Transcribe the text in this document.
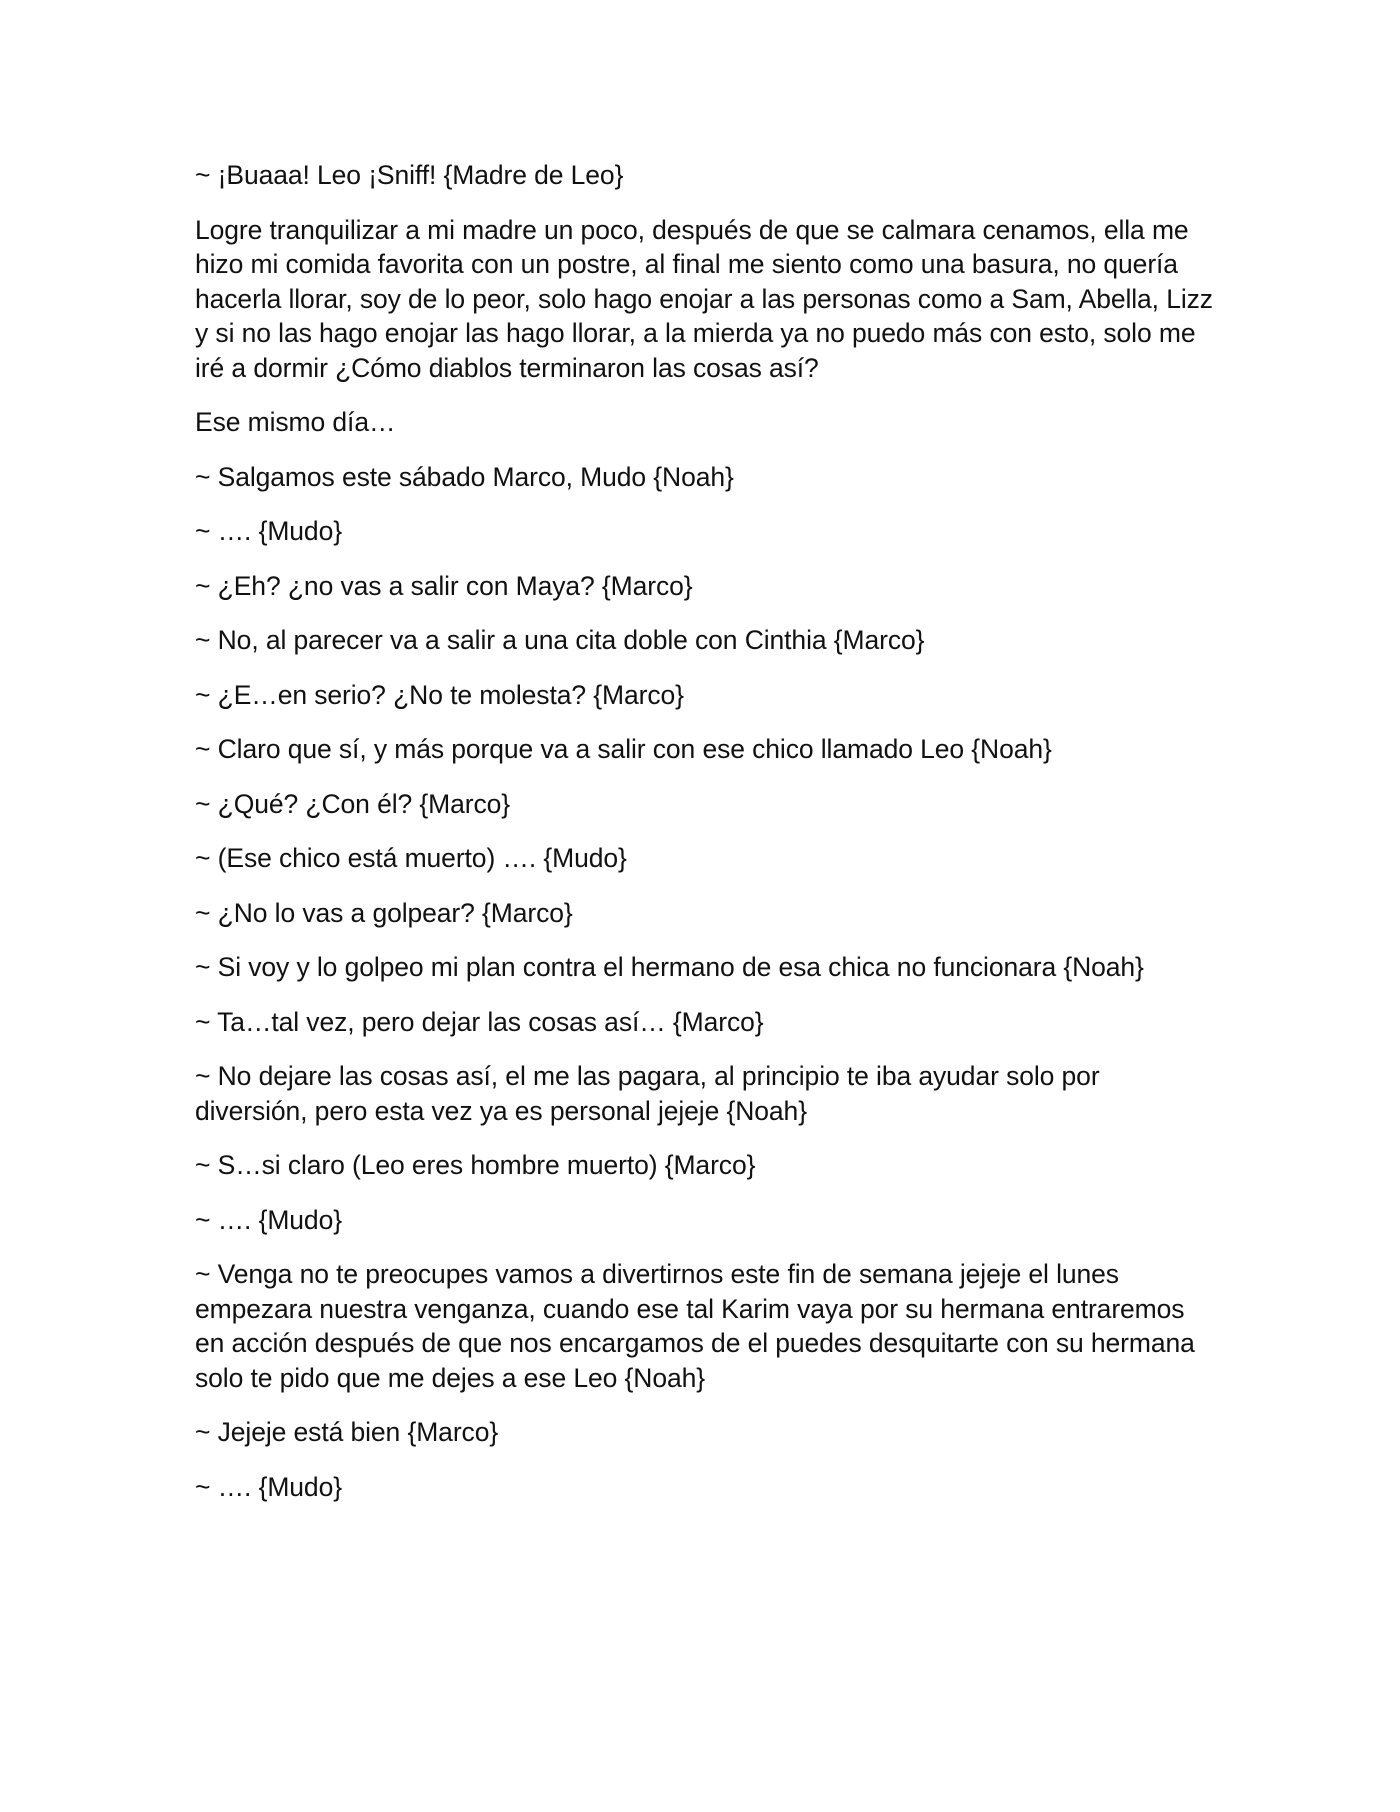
~ ¡Buaaa! Leo ¡Sniff! {Madre de Leo}

Logre tranquilizar a mi madre un poco, después de que se calmara cenamos, ella me hizo mi comida favorita con un postre, al final me siento como una basura, no quería hacerla llorar, soy de lo peor, solo hago enojar a las personas como a Sam, Abella, Lizz y si no las hago enojar las hago llorar, a la mierda ya no puedo más con esto, solo me iré a dormir ¿Cómo diablos terminaron las cosas así?

Ese mismo día…

~ Salgamos este sábado Marco, Mudo {Noah}

~ …. {Mudo}

~ ¿Eh? ¿no vas a salir con Maya? {Marco}

~ No, al parecer va a salir a una cita doble con Cinthia {Marco}

~ ¿E…en serio? ¿No te molesta? {Marco}

~ Claro que sí, y más porque va a salir con ese chico llamado Leo {Noah}

~ ¿Qué? ¿Con él? {Marco}

~ (Ese chico está muerto) …. {Mudo}

~ ¿No lo vas a golpear? {Marco}

~ Si voy y lo golpeo mi plan contra el hermano de esa chica no funcionara {Noah}

~ Ta…tal vez, pero dejar las cosas así… {Marco}

~ No dejare las cosas así, el me las pagara, al principio te iba ayudar solo por diversión, pero esta vez ya es personal jejeje {Noah}

~ S…si claro (Leo eres hombre muerto) {Marco}

~ …. {Mudo}

~ Venga no te preocupes vamos a divertirnos este fin de semana jejeje el lunes empezara nuestra venganza, cuando ese tal Karim vaya por su hermana entraremos en acción después de que nos encargamos de el puedes desquitarte con su hermana solo te pido que me dejes a ese Leo {Noah}

~ Jejeje está bien {Marco}

~ …. {Mudo}
